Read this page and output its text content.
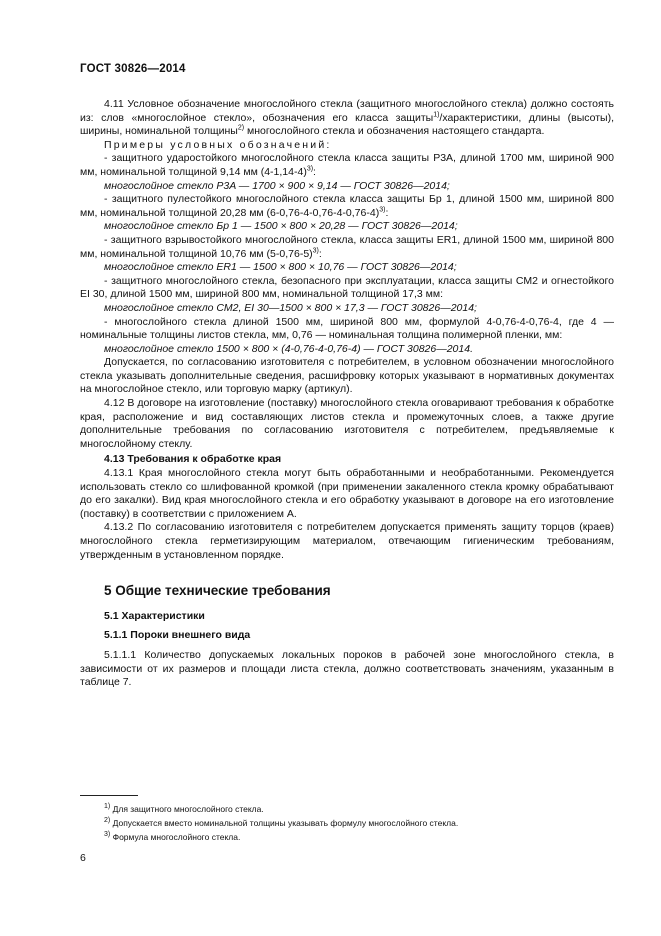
ГОСТ 30826—2014

4.11 Условное обозначение многослойного стекла (защитного многослойного стекла) должно состоять из: слов «многослойное стекло», обозначения его класса защиты$^{1)}$/характеристики, длины (высоты), ширины, номинальной толщины$^{2)}$ многослойного стекла и обозначения настоящего стандарта.

Примеры условных обозначений:

- защитного ударостойкого многослойного стекла класса защиты P3A, длиной 1700 мм, шириной 900 мм, номинальной толщиной 9,14 мм $(4-1,14-4)^{3)}$:

многослойное стекло P3A — 1700 × 900 × 9,14 — ГОСТ 30826—2014;

- защитного пулестойкого многослойного стекла класса защиты Бр 1, длиной 1500 мм, шириной 800 мм, номинальной толщиной 20,28 мм $(6-0,76-4-0,76-4-0,76-4)^{3)}$:

многослойное стекло Бр 1 — 1500 × 800 × 20,28 — ГОСТ 30826—2014;

- защитного взрывостойкого многослойного стекла, класса защиты ER1, длиной 1500 мм, шириной 800 мм, номинальной толщиной 10,76 мм $(5-0,76-5)^{3)}$:

многослойное стекло ER1 — 1500 × 800 × 10,76 — ГОСТ 30826—2014;

- защитного многослойного стекла, безопасного при эксплуатации, класса защиты СМ2 и огнестойкого EI 30, длиной 1500 мм, шириной 800 мм, номинальной толщиной 17,3 мм:

многослойное стекло СМ2, EI 30—1500 × 800 × 17,3 — ГОСТ 30826—2014;

- многослойного стекла длиной 1500 мм, шириной 800 мм, формулой 4-0,76-4-0,76-4, где 4 — номинальные толщины листов стекла, мм, 0,76 — номинальная толщина полимерной пленки, мм:

многослойное стекло 1500 × 800 × (4-0,76-4-0,76-4) — ГОСТ 30826—2014.

Допускается, по согласованию изготовителя с потребителем, в условном обозначении многослойного стекла указывать дополнительные сведения, расшифровку которых указывают в нормативных документах на многослойное стекло, или торговую марку (артикул).

4.12 В договоре на изготовление (поставку) многослойного стекла оговаривают требования к обработке края, расположение и вид составляющих листов стекла и промежуточных слоев, а также другие дополнительные требования по согласованию изготовителя с потребителем, предъявляемые к многослойному стеклу.

4.13 Требования к обработке края

4.13.1 Края многослойного стекла могут быть обработанными и необработанными. Рекомендуется использовать стекло со шлифованной кромкой (при применении закаленного стекла кромку обрабатывают до его закалки). Вид края многослойного стекла и его обработку указывают в договоре на его изготовление (поставку) в соответствии с приложением А.

4.13.2 По согласованию изготовителя с потребителем допускается применять защиту торцов (краев) многослойного стекла герметизирующим материалом, отвечающим гигиеническим требованиям, утвержденным в установленном порядке.

5 Общие технические требования

5.1 Характеристики

5.1.1 Пороки внешнего вида

5.1.1.1 Количество допускаемых локальных пороков в рабочей зоне многослойного стекла, в зависимости от их размеров и площади листа стекла, должно соответствовать значениям, указанным в таблице 7.

$^{1)}$ Для защитного многослойного стекла.
$^{2)}$ Допускается вместо номинальной толщины указывать формулу многослойного стекла.
$^{3)}$ Формула многослойного стекла.
6
